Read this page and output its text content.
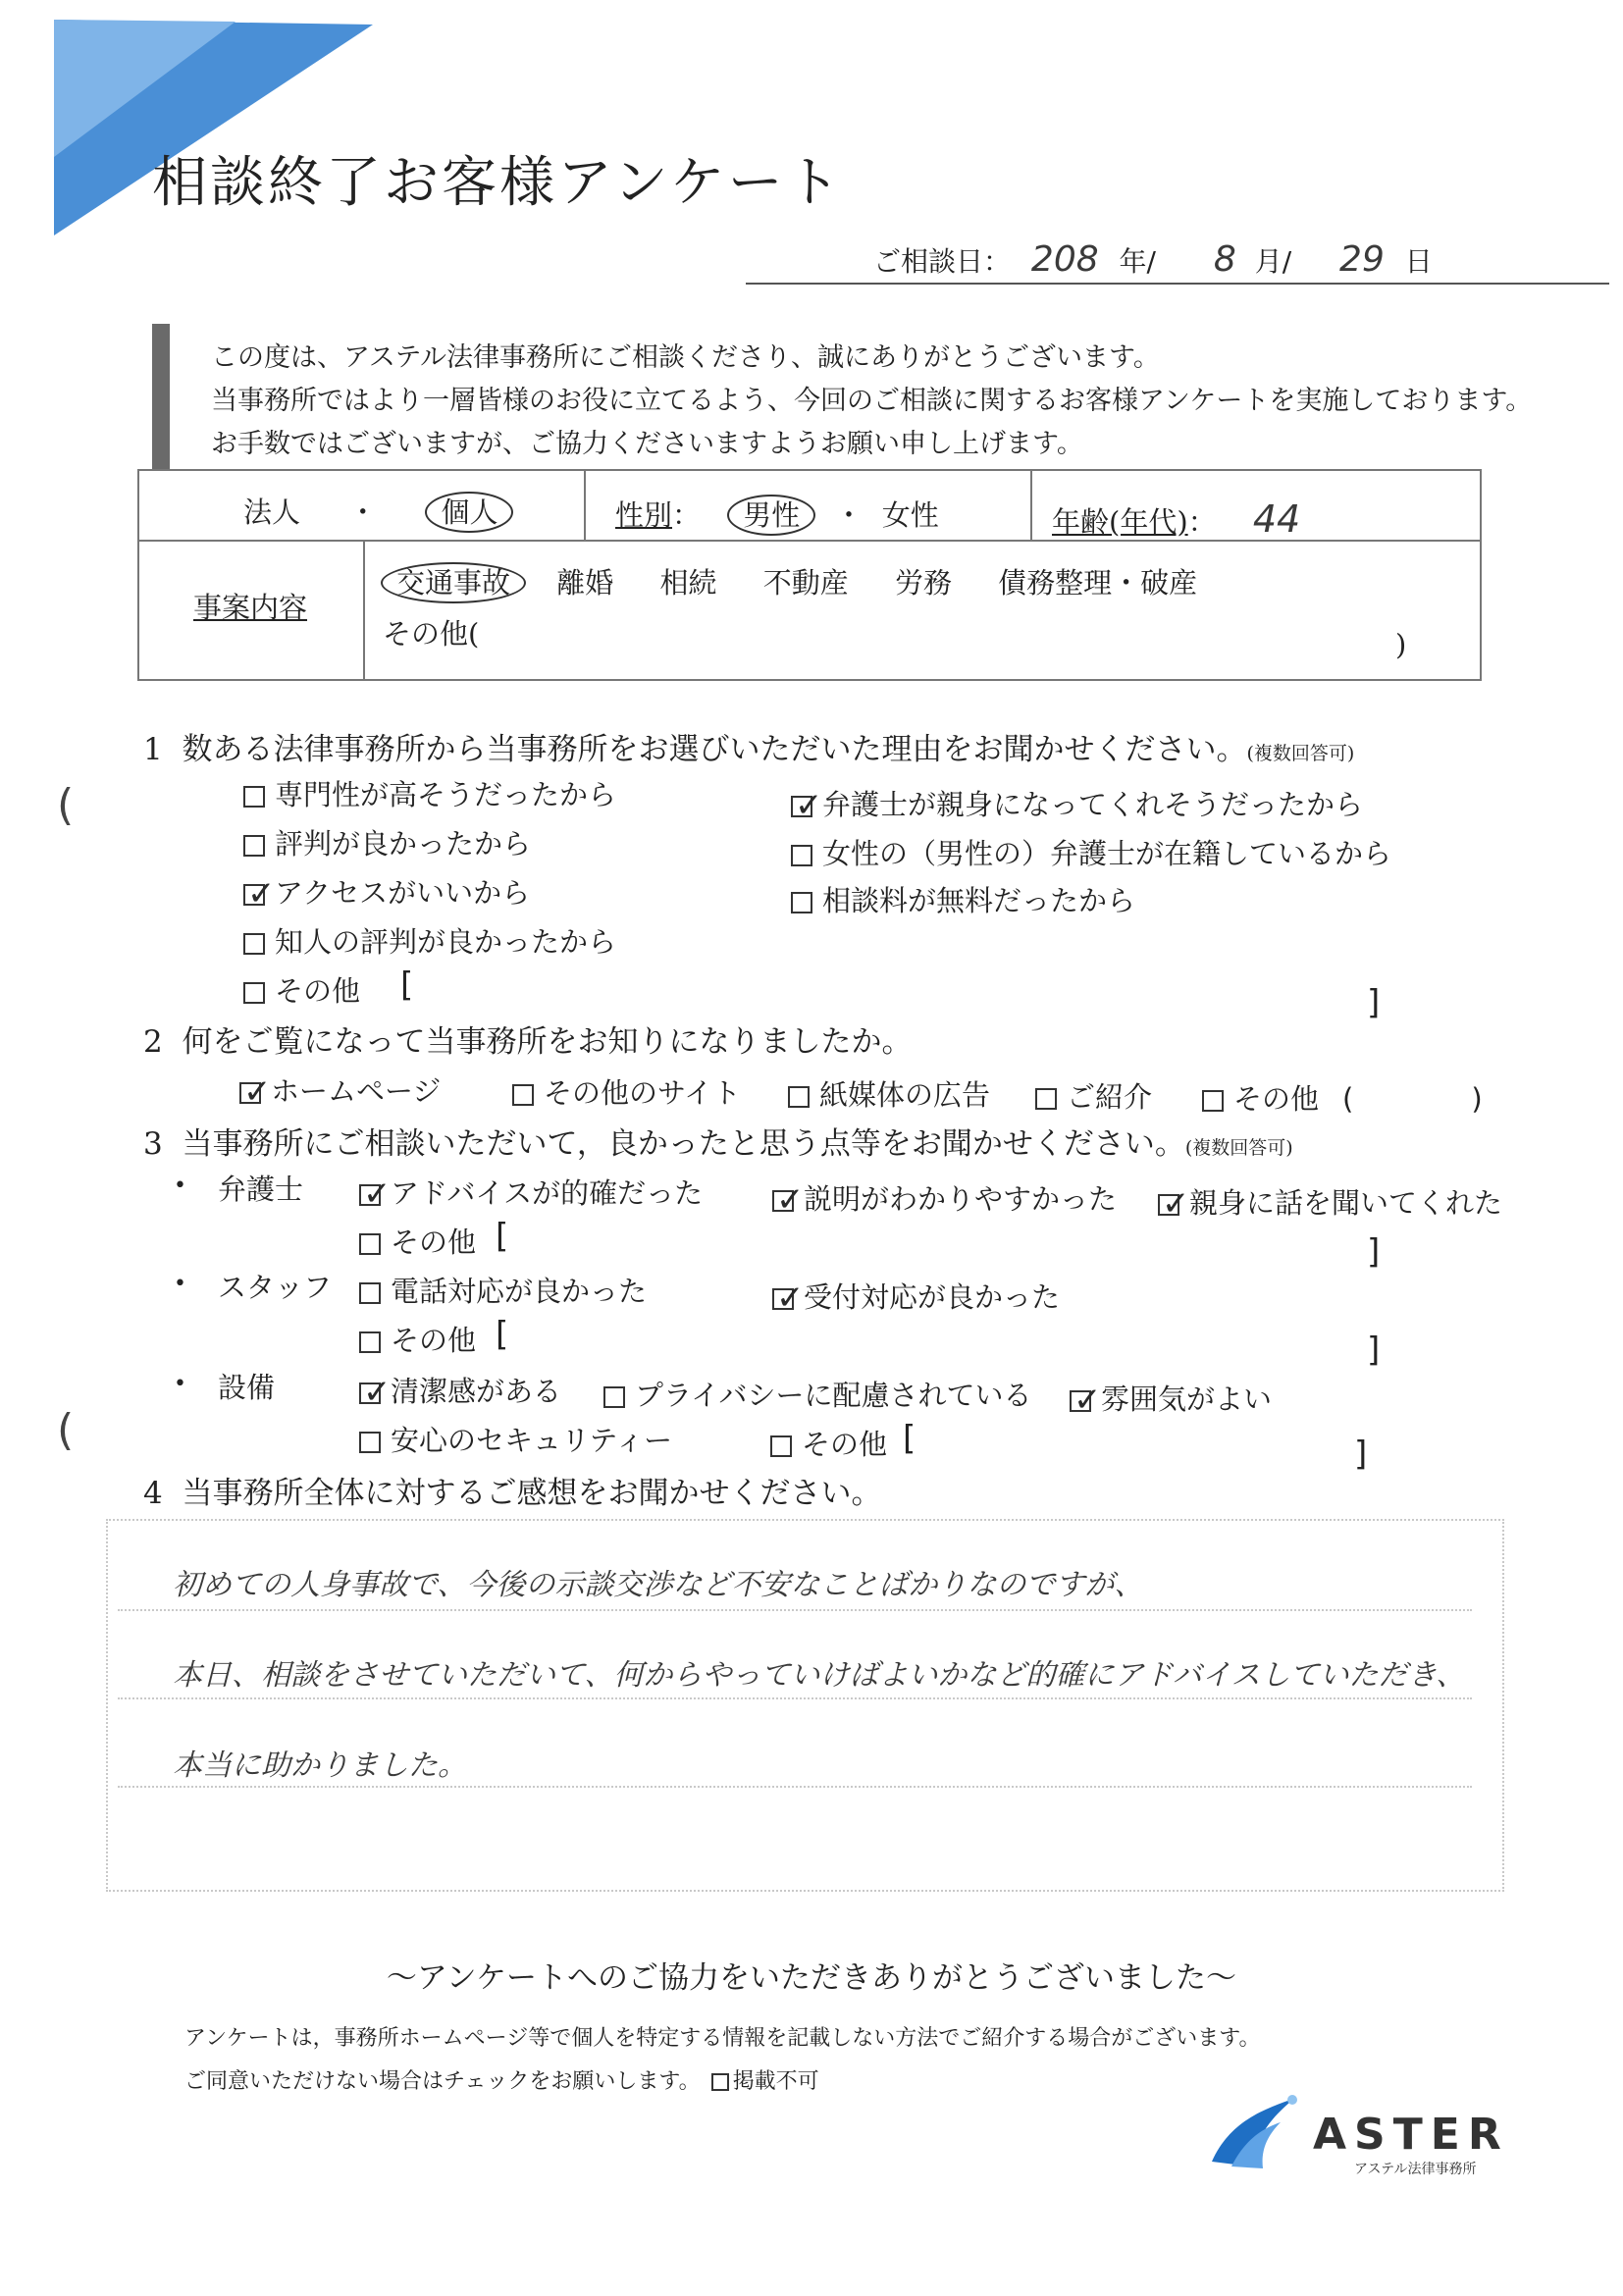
相談終了お客様アンケート
ご相談日： 208 年/ 8 月/ 29 日
この度は、アステル法律事務所にご相談くださり、誠にありがとうございます。
当事務所ではより一層皆様のお役に立てるよう、今回のご相談に関するお客様アンケートを実施しております。
お手数ではございますが、ご協力くださいますようお願い申し上げます。
法人 ・ 個人	性別： 男性 ・ 女性	年齢(年代)： 44
事案内容
交通事故 離婚 相続 不動産 労務 債務整理・破産
その他(	)
(
(
1 数ある法律事務所から当事務所をお選びいただいた理由をお聞かせください。(複数回答可)
専門性が高そうだったから
評判が良かったから
✓アクセスがいいから
知人の評判が良かったから
その他 [	]
✓弁護士が親身になってくれそうだったから
女性の（男性の）弁護士が在籍しているから
相談料が無料だったから
2 何をご覧になって当事務所をお知りになりましたか。
✓ホームページ	その他のサイト	紙媒体の広告	ご紹介	その他 (	)
3 当事務所にご相談いただいて，良かったと思う点等をお聞かせください。(複数回答可)
• 弁護士 ✓	アドバイスが的確だった ✓	説明がわかりやすかった ✓	親身に話を聞いてくれた
その他 [	]
• スタッフ	電話対応が良かった ✓	受付対応が良かった
その他 [	]
• 設備 ✓	清潔感がある	プライバシーに配慮されている ✓	雰囲気がよい
安心のセキュリティー	その他 [	]
4 当事務所全体に対するご感想をお聞かせください。
初めての人身事故で、今後の示談交渉など不安なことばかりなのですが、
本日、相談をさせていただいて、何からやっていけばよいかなど的確にアドバイスしていただき、
本当に助かりました。
～アンケートへのご協力をいただきありがとうございました～
アンケートは，事務所ホームページ等で個人を特定する情報を記載しない方法でご紹介する場合がございます。
ご同意いただけない場合はチェックをお願いします。 掲載不可
ASTER
アステル法律事務所
